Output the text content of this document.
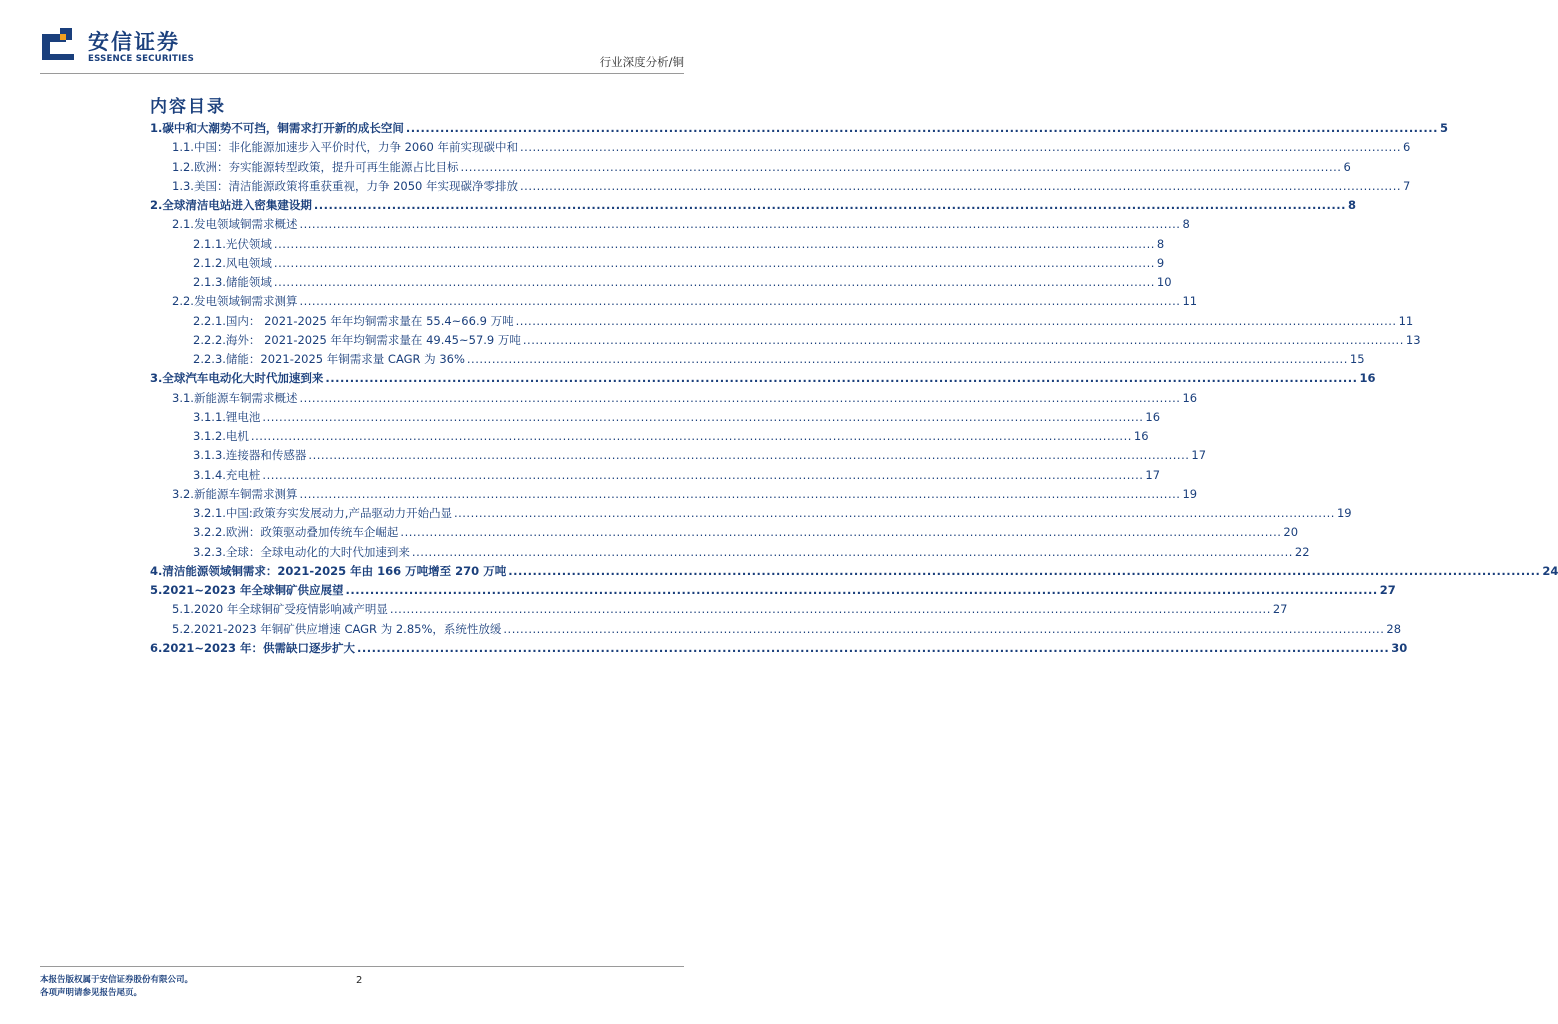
安信证券
ESSENCE SECURITIES	行业深度分析/铜
内容目录
1. 碳中和大潮势不可挡，铜需求打开新的成长空间 .....	5
1.1. 中国：非化能源加速步入平价时代，力争 2060 年前实现碳中和 .....	6
1.2. 欧洲：夯实能源转型政策，提升可再生能源占比目标 .....	6
1.3. 美国：清洁能源政策将重获重视，力争 2050 年实现碳净零排放 .....	7
2. 全球清洁电站进入密集建设期 .....	8
2.1. 发电领域铜需求概述 .....	8
2.1.1. 光伏领域 .....	8
2.1.2. 风电领域 .....	9
2.1.3. 储能领域 .....	10
2.2. 发电领域铜需求测算 .....	11
2.2.1. 国内： 2021-2025 年年均铜需求量在 55.4~66.9 万吨 .....	11
2.2.2. 海外： 2021-2025 年年均铜需求量在 49.45~57.9 万吨 .....	13
2.2.3. 储能：2021-2025 年铜需求量 CAGR 为 36% .....	15
3. 全球汽车电动化大时代加速到来 .....	16
3.1. 新能源车铜需求概述 .....	16
3.1.1. 锂电池 .....	16
3.1.2. 电机 .....	16
3.1.3. 连接器和传感器 .....	17
3.1.4. 充电桩 .....	17
3.2. 新能源车铜需求测算 .....	19
3.2.1. 中国:政策夯实发展动力,产品驱动力开始凸显 .....	19
3.2.2. 欧洲：政策驱动叠加传统车企崛起 .....	20
3.2.3. 全球：全球电动化的大时代加速到来 .....	22
4. 清洁能源领域铜需求：2021-2025 年由 166 万吨增至 270 万吨 .....	24
5. 2021~2023 年全球铜矿供应展望 .....	27
5.1. 2020 年全球铜矿受疫情影响减产明显 .....	27
5.2. 2021-2023 年铜矿供应增速 CAGR 为 2.85%，系统性放缓 .....	28
6. 2021~2023 年：供需缺口逐步扩大 .....	30
本报告版权属于安信证券股份有限公司。
各项声明请参见报告尾页。
2
